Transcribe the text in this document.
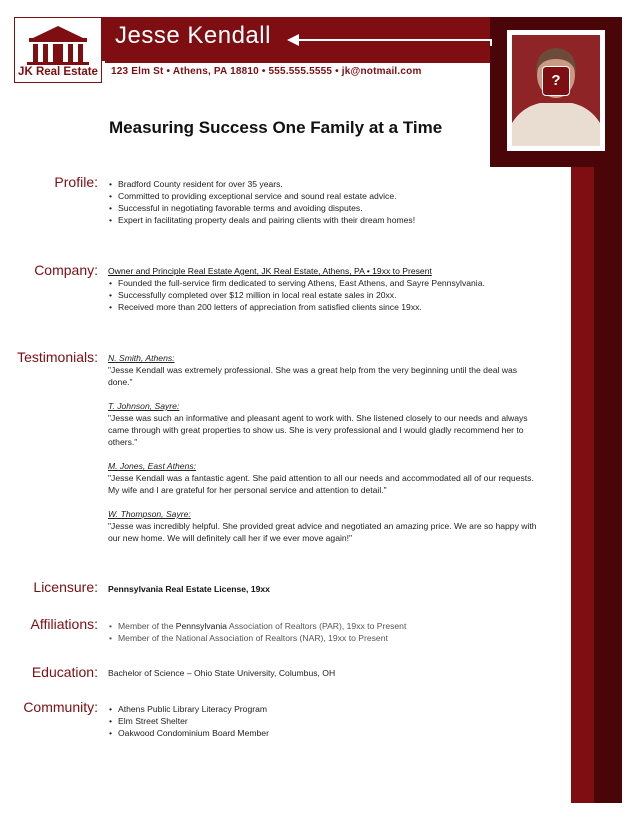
JK Real Estate
Jesse Kendall
123 Elm St • Athens, PA 18810 • 555.555.5555 • jk@notmail.com
?
Measuring Success One Family at a Time
Profile: • Bradford County resident for over 35 years.
• Committed to providing exceptional service and sound real estate advice.
• Successful in negotiating favorable terms and avoiding disputes.
• Expert in facilitating property deals and pairing clients with their dream homes!
Company: Owner and Principle Real Estate Agent, JK Real Estate, Athens, PA • 19xx to Present
• Founded the full-service firm dedicated to serving Athens, East Athens, and Sayre Pennsylvania.
• Successfully completed over $12 million in local real estate sales in 20xx.
• Received more than 200 letters of appreciation from satisfied clients since 19xx.
Testimonials: N. Smith, Athens:
"Jesse Kendall was extremely professional. She was a great help from the very beginning until the deal was done."
T. Johnson, Sayre:
"Jesse was such an informative and pleasant agent to work with. She listened closely to our needs and always came through with great properties to show us. She is very professional and I would gladly recommend her to others."
M. Jones, East Athens:
"Jesse Kendall was a fantastic agent. She paid attention to all our needs and accommodated all of our requests. My wife and I are grateful for her personal service and attention to detail."
W. Thompson, Sayre:
"Jesse was incredibly helpful. She provided great advice and negotiated an amazing price. We are so happy with our new home. We will definitely call her if we ever move again!"
Licensure: Pennsylvania Real Estate License, 19xx
Affiliations: • Member of the Pennsylvania Association of Realtors (PAR), 19xx to Present
• Member of the National Association of Realtors (NAR), 19xx to Present
Education: Bachelor of Science – Ohio State University, Columbus, OH
Community: • Athens Public Library Literacy Program
• Elm Street Shelter
• Oakwood Condominium Board Member
